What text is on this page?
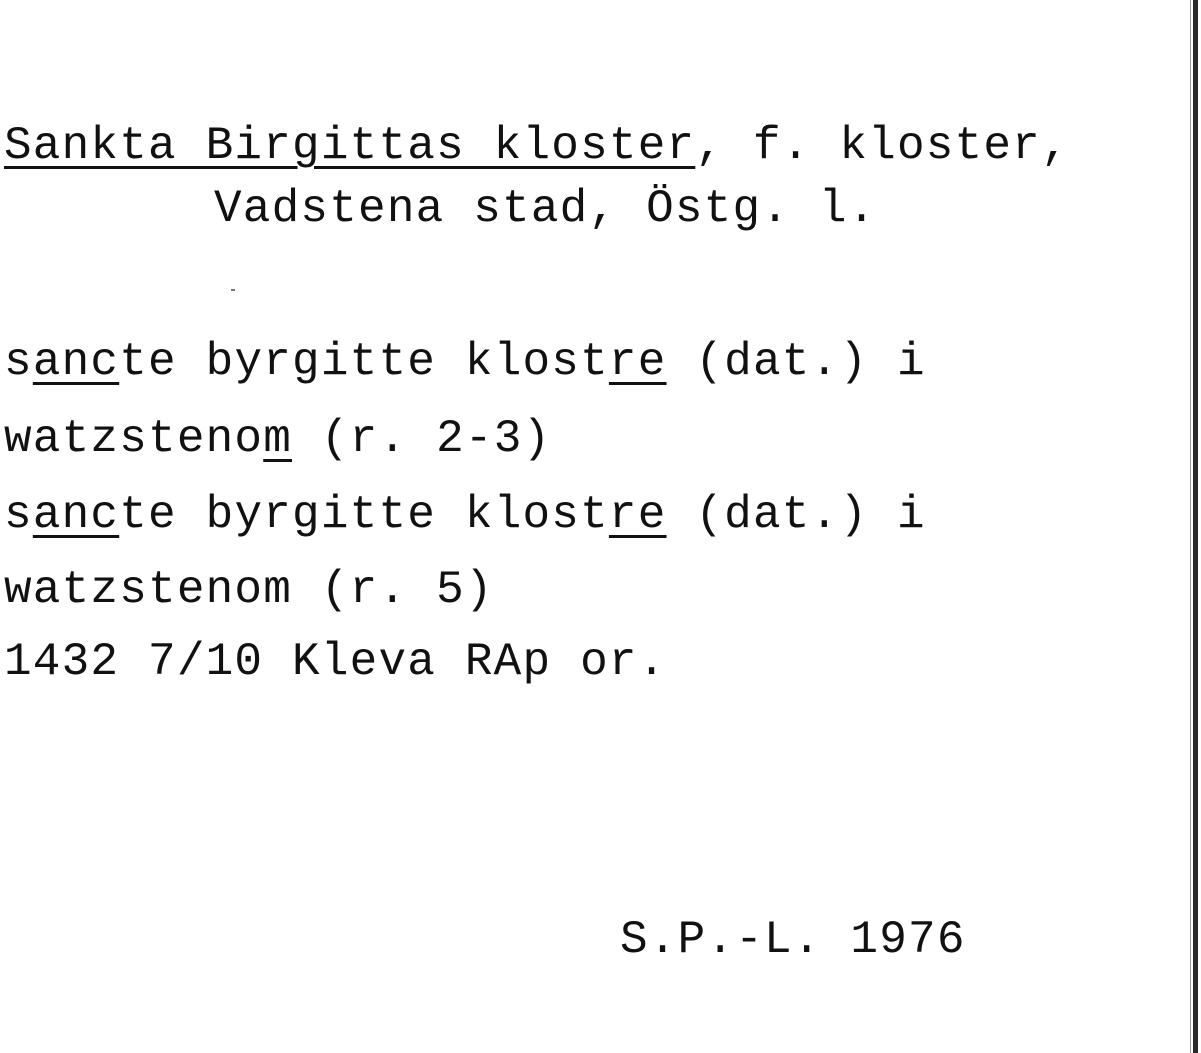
Sankta Birgittas kloster, f. kloster,
Vadstena stad, Östg. l.
sancte byrgitte klostre (dat.) i
watzstenom (r. 2-3)
sancte byrgitte klostre (dat.) i
watzstenom (r. 5)
1432 7/10 Kleva RAp or.
S.P.-L. 1976
